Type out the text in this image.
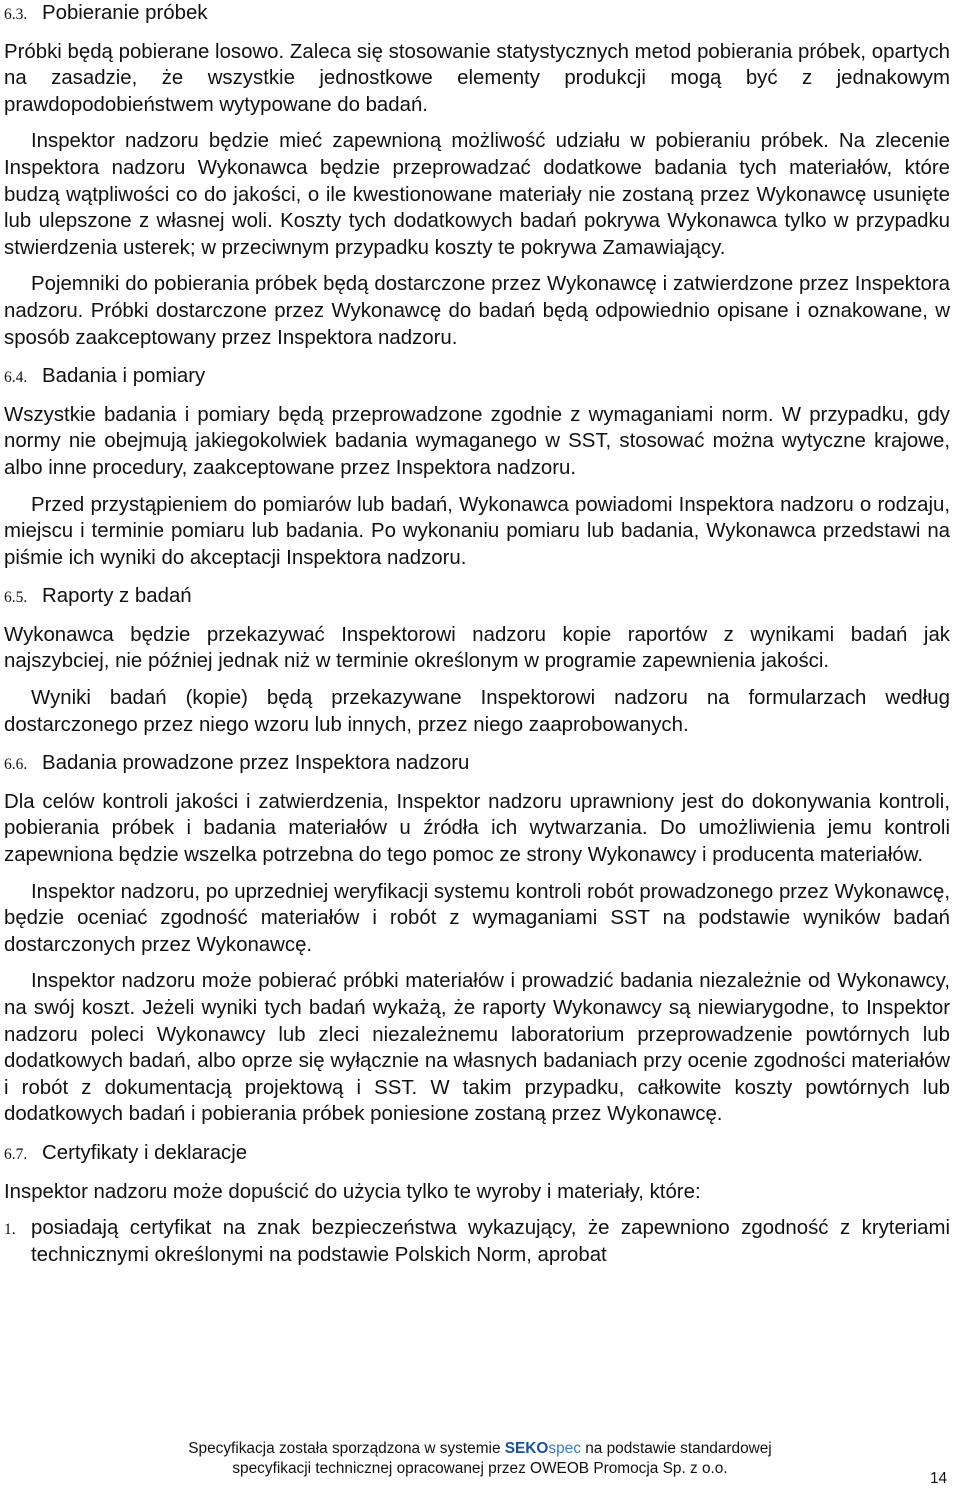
6.3. Pobieranie próbek

Próbki będą pobierane losowo. Zaleca się stosowanie statystycznych metod pobierania próbek, opartych na zasadzie, że wszystkie jednostkowe elementy produkcji mogą być z jednakowym prawdopodobieństwem wytypowane do badań.

Inspektor nadzoru będzie mieć zapewnioną możliwość udziału w pobieraniu próbek. Na zlecenie Inspektora nadzoru Wykonawca będzie przeprowadzać dodatkowe badania tych materiałów, które budzą wątpliwości co do jakości, o ile kwestionowane materiały nie zostaną przez Wykonawcę usunięte lub ulepszone z własnej woli. Koszty tych dodatkowych badań pokrywa Wykonawca tylko w przypadku stwierdzenia usterek; w przeciwnym przypadku koszty te pokrywa Zamawiający.

Pojemniki do pobierania próbek będą dostarczone przez Wykonawcę i zatwierdzone przez Inspektora nadzoru. Próbki dostarczone przez Wykonawcę do badań będą odpowiednio opisane i oznakowane, w sposób zaakceptowany przez Inspektora nadzoru.

6.4. Badania i pomiary

Wszystkie badania i pomiary będą przeprowadzone zgodnie z wymaganiami norm. W przypadku, gdy normy nie obejmują jakiegokolwiek badania wymaganego w SST, stosować można wytyczne krajowe, albo inne procedury, zaakceptowane przez Inspektora nadzoru.

Przed przystąpieniem do pomiarów lub badań, Wykonawca powiadomi Inspektora nadzoru o rodzaju, miejscu i terminie pomiaru lub badania. Po wykonaniu pomiaru lub badania, Wykonawca przedstawi na piśmie ich wyniki do akceptacji Inspektora nadzoru.

6.5. Raporty z badań

Wykonawca będzie przekazywać Inspektorowi nadzoru kopie raportów z wynikami badań jak najszybciej, nie później jednak niż w terminie określonym w programie zapewnienia jakości.

Wyniki badań (kopie) będą przekazywane Inspektorowi nadzoru na formularzach według dostarczonego przez niego wzoru lub innych, przez niego zaaprobowanych.

6.6. Badania prowadzone przez Inspektora nadzoru

Dla celów kontroli jakości i zatwierdzenia, Inspektor nadzoru uprawniony jest do dokonywania kontroli, pobierania próbek i badania materiałów u źródła ich wytwarzania. Do umożliwienia jemu kontroli zapewniona będzie wszelka potrzebna do tego pomoc ze strony Wykonawcy i producenta materiałów.

Inspektor nadzoru, po uprzedniej weryfikacji systemu kontroli robót prowadzonego przez Wykonawcę, będzie oceniać zgodność materiałów i robót z wymaganiami SST na podstawie wyników badań dostarczonych przez Wykonawcę.

Inspektor nadzoru może pobierać próbki materiałów i prowadzić badania niezależnie od Wykonawcy, na swój koszt. Jeżeli wyniki tych badań wykażą, że raporty Wykonawcy są niewiarygodne, to Inspektor nadzoru poleci Wykonawcy lub zleci niezależnemu laboratorium przeprowadzenie powtórnych lub dodatkowych badań, albo oprze się wyłącznie na własnych badaniach przy ocenie zgodności materiałów i robót z dokumentacją projektową i SST. W takim przypadku, całkowite koszty powtórnych lub dodatkowych badań i pobierania próbek poniesione zostaną przez Wykonawcę.

6.7. Certyfikaty i deklaracje

Inspektor nadzoru może dopuścić do użycia tylko te wyroby i materiały, które:

1. posiadają certyfikat na znak bezpieczeństwa wykazujący, że zapewniono zgodność z kryteriami technicznymi określonymi na podstawie Polskich Norm, aprobat
Specyfikacja została sporządzona w systemie SEKOspec na podstawie standardowej
specyfikacji technicznej opracowanej przez OWEOB Promocja Sp. z o.o.
14
